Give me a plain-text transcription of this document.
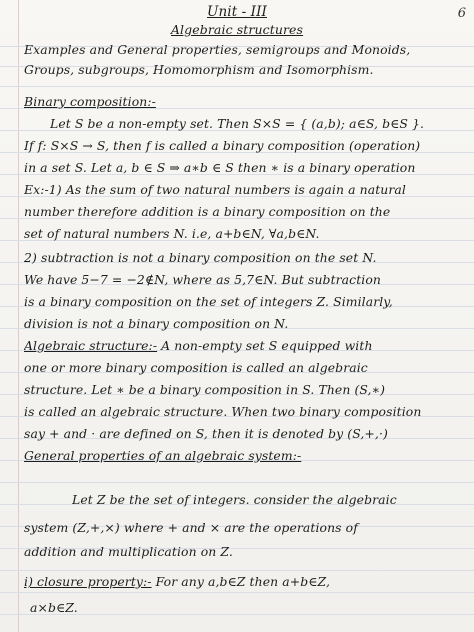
6
Unit - III
Algebraic structures
Examples and General properties, semigroups and Monoids,
Groups, subgroups, Homomorphism and Isomorphism.
Binary composition:-
Let S be a non-empty set. Then S×S = { (a,b); a∈S, b∈S }.
If f: S×S → S, then f is called a binary composition (operation)
in a set S. Let a, b ∈ S ⇒ a∗b ∈ S then ∗ is a binary operation
Ex:-1) As the sum of two natural numbers is again a natural
number therefore addition is a binary composition on the
set of natural numbers N. i.e, a+b∈N, ∀a,b∈N.
2) subtraction is not a binary composition on the set N.
We have 5−7 = −2∉N, where as 5,7∈N. But subtraction
is a binary composition on the set of integers Z. Similarly,
division is not a binary composition on N.
Algebraic structure:- A non-empty set S equipped with
one or more binary composition is called an algebraic
structure. Let ∗ be a binary composition in S. Then (S,∗)
is called an algebraic structure. When two binary composition
say + and · are defined on S, then it is denoted by (S,+,·)
General properties of an algebraic system:-
Let Z be the set of integers. consider the algebraic
system (Z,+,×) where + and × are the operations of
addition and multiplication on Z.
i) closure property:- For any a,b∈Z then a+b∈Z,
a×b∈Z.
